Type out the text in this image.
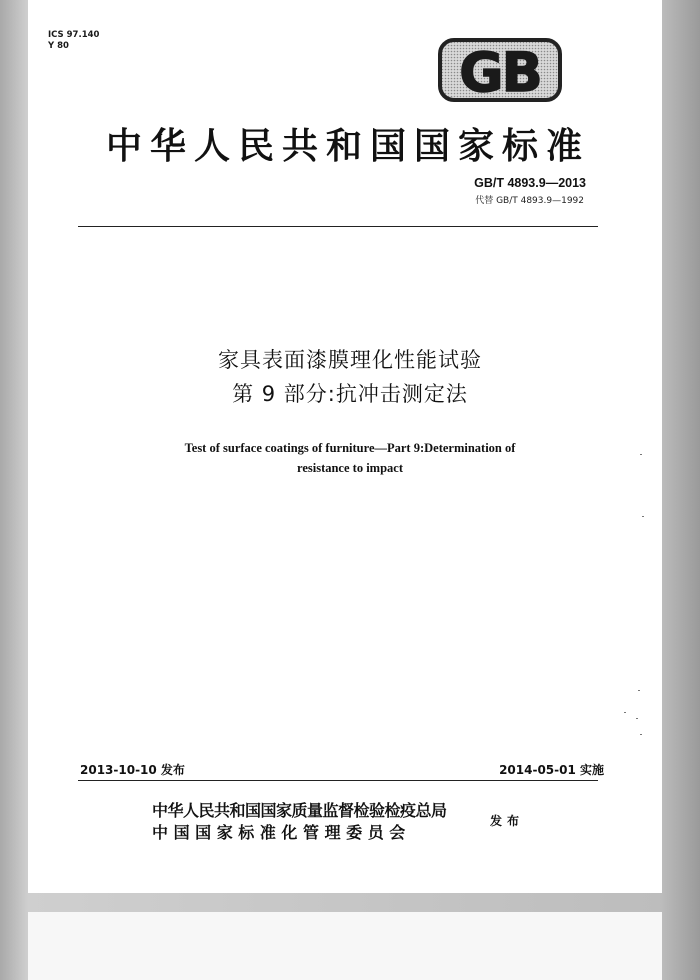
ICS 97.140
Y 80	GB
中华人民共和国国家标准
GB/T 4893.9—2013
代替 GB/T 4893.9—1992
家具表面漆膜理化性能试验
第 9 部分:抗冲击测定法
Test of surface coatings of furniture—Part 9:Determination of
resistance to impact
2013-10-10 发布	2014-05-01 实施
中华人民共和国国家质量监督检验检疫总局
中 国 国 家 标 准 化 管 理 委 员 会
发布
